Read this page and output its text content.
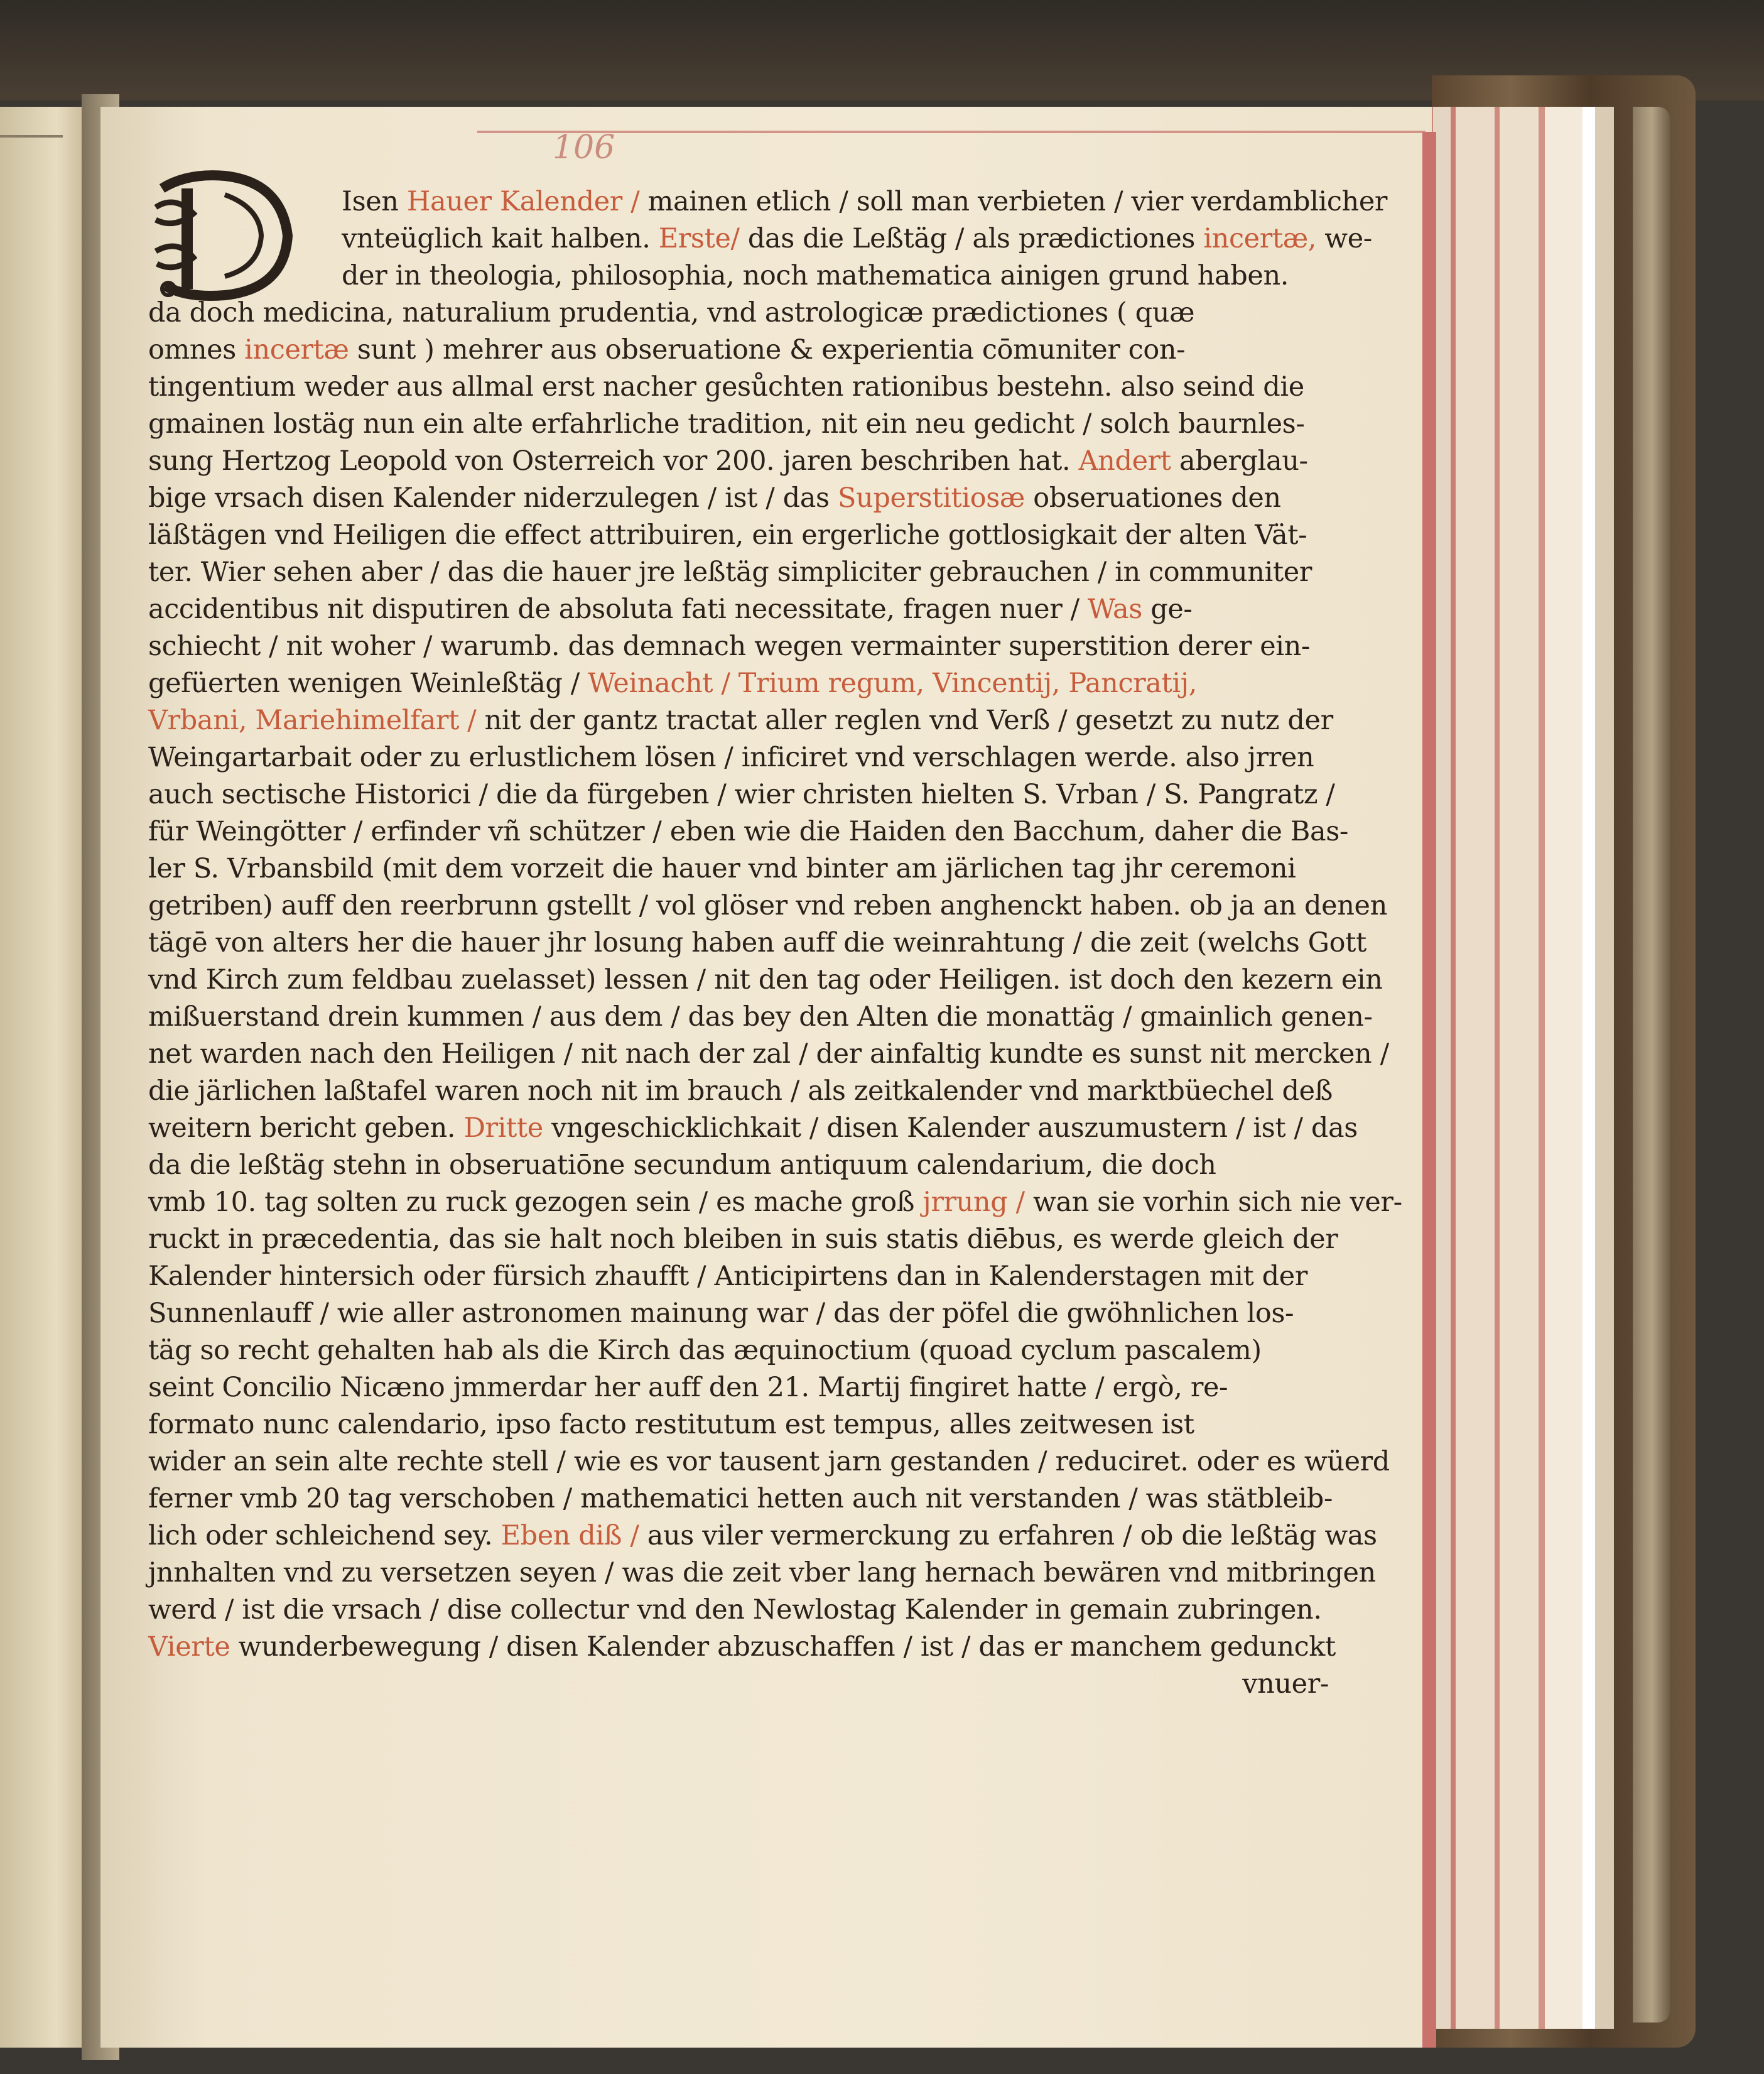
106
Isen Hauer Kalender / mainen etlich / soll man verbieten / vier verdamblicher
vnteüglich kait halben. Erste/ das die Leßtäg / als prædictiones incertæ, we-
der in theologia, philosophia, noch mathematica ainigen grund haben.
da doch medicina, naturalium prudentia, vnd astrologicæ prædictiones ( quæ
omnes incertæ sunt ) mehrer aus obseruatione & experientia cōmuniter con-
tingentium weder aus allmal erst nacher gesůchten rationibus bestehn. also seind die
gmainen lostäg nun ein alte erfahrliche tradition, nit ein neu gedicht / solch baurnles-
sung Hertzog Leopold von Osterreich vor 200. jaren beschriben hat. Andert aberglau-
bige vrsach disen Kalender niderzulegen / ist / das Superstitiosæ obseruationes den
läßtägen vnd Heiligen die effect attribuiren, ein ergerliche gottlosigkait der alten Vät-
ter. Wier sehen aber / das die hauer jre leßtäg simpliciter gebrauchen / in communiter
accidentibus nit disputiren de absoluta fati necessitate, fragen nuer / Was ge-
schiecht / nit woher / warumb. das demnach wegen vermainter superstition derer ein-
gefüerten wenigen Weinleßtäg / Weinacht / Trium regum, Vincentij, Pancratij,
Vrbani, Mariehimelfart / nit der gantz tractat aller reglen vnd Verß / gesetzt zu nutz der
Weingartarbait oder zu erlustlichem lösen / inficiret vnd verschlagen werde. also jrren
auch sectische Historici / die da fürgeben / wier christen hielten S. Vrban / S. Pangratz /
für Weingötter / erfinder vñ schützer / eben wie die Haiden den Bacchum, daher die Bas-
ler S. Vrbansbild (mit dem vorzeit die hauer vnd binter am järlichen tag jhr ceremoni
getriben) auff den reerbrunn gstellt / vol glöser vnd reben anghenckt haben. ob ja an denen
tägē von alters her die hauer jhr losung haben auff die weinrahtung / die zeit (welchs Gott
vnd Kirch zum feldbau zuelasset) lessen / nit den tag oder Heiligen. ist doch den kezern ein
mißuerstand drein kummen / aus dem / das bey den Alten die monattäg / gmainlich genen-
net warden nach den Heiligen / nit nach der zal / der ainfaltig kundte es sunst nit mercken /
die järlichen laßtafel waren noch nit im brauch / als zeitkalender vnd marktbüechel deß
weitern bericht geben. Dritte vngeschicklichkait / disen Kalender auszumustern / ist / das
da die leßtäg stehn in obseruatiōne secundum antiquum calendarium, die doch
vmb 10. tag solten zu ruck gezogen sein / es mache groß jrrung / wan sie vorhin sich nie ver-
ruckt in præcedentia, das sie halt noch bleiben in suis statis diēbus, es werde gleich der
Kalender hintersich oder fürsich zhaufft / Anticipirtens dan in Kalenderstagen mit der
Sunnenlauff / wie aller astronomen mainung war / das der pöfel die gwöhnlichen los-
täg so recht gehalten hab als die Kirch das æquinoctium (quoad cyclum pascalem)
seint Concilio Nicæno jmmerdar her auff den 21. Martij fingiret hatte / ergò, re-
formato nunc calendario, ipso facto restitutum est tempus, alles zeitwesen ist
wider an sein alte rechte stell / wie es vor tausent jarn gestanden / reduciret. oder es wüerd
ferner vmb 20 tag verschoben / mathematici hetten auch nit verstanden / was stätbleib-
lich oder schleichend sey. Eben diß / aus viler vermerckung zu erfahren / ob die leßtäg was
jnnhalten vnd zu versetzen seyen / was die zeit vber lang hernach bewären vnd mitbringen
werd / ist die vrsach / dise collectur vnd den Newlostag Kalender in gemain zubringen.
Vierte wunderbewegung / disen Kalender abzuschaffen / ist / das er manchem gedunckt
vnuer-
